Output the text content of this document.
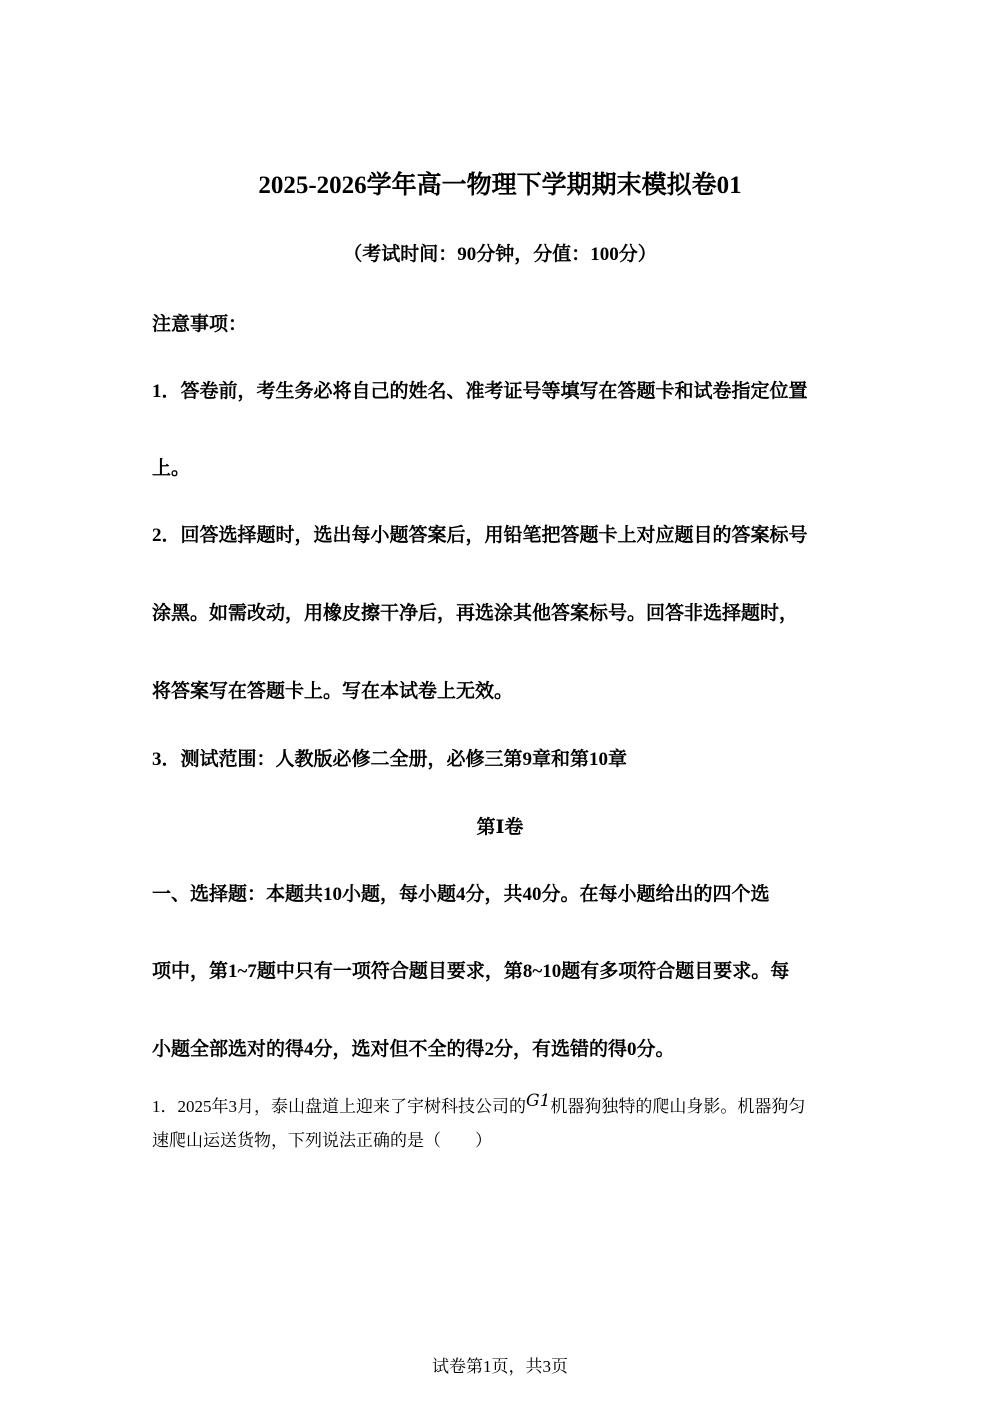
2025-2026学年高一物理下学期期末模拟卷01
（考试时间：90分钟，分值：100分）
注意事项：
1．答卷前，考生务必将自己的姓名、准考证号等填写在答题卡和试卷指定位置
上。
2．回答选择题时，选出每小题答案后，用铅笔把答题卡上对应题目的答案标号
涂黑。如需改动，用橡皮擦干净后，再选涂其他答案标号。回答非选择题时，
将答案写在答题卡上。写在本试卷上无效。
3．测试范围：人教版必修二全册，必修三第9章和第10章
第Ⅰ卷
一、选择题：本题共10小题，每小题4分，共40分。在每小题给出的四个选
项中，第1~7题中只有一项符合题目要求，第8~10题有多项符合题目要求。每
小题全部选对的得4分，选对但不全的得2分，有选错的得0分。
1．2025年3月，泰山盘道上迎来了宇树科技公司的G1机器狗独特的爬山身影。机器狗匀
速爬山运送货物，下列说法正确的是（　　）
试卷第1页，共3页
